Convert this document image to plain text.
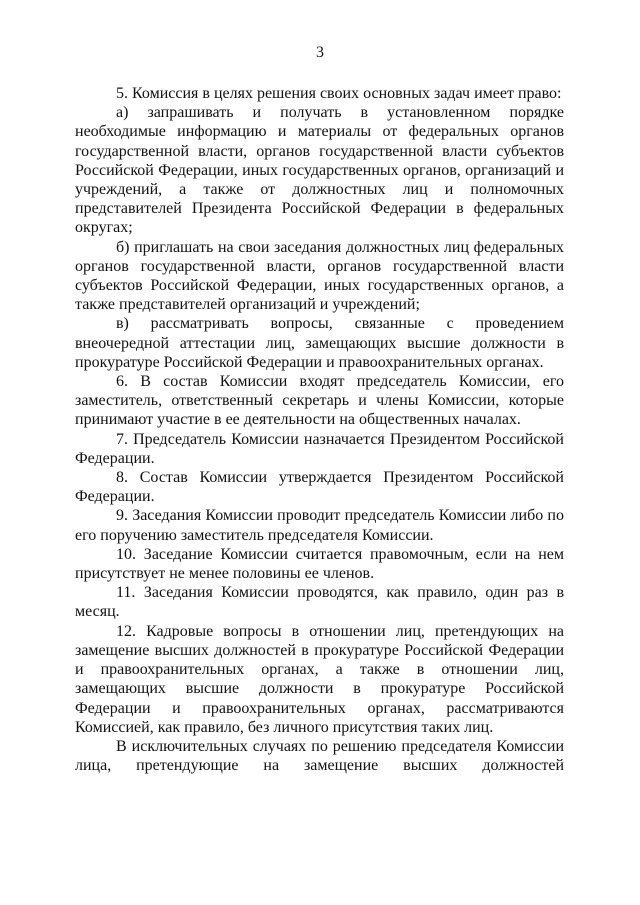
3

5. Комиссия в целях решения своих основных задач имеет право:

а) запрашивать и получать в установленном порядке необходимые информацию и материалы от федеральных органов государственной власти, органов государственной власти субъектов Российской Федерации, иных государственных органов, организаций и учреждений, а также от должностных лиц и полномочных представителей Президента Российской Федерации в федеральных округах;

б) приглашать на свои заседания должностных лиц федеральных органов государственной власти, органов государственной власти субъектов Российской Федерации, иных государственных органов, а также представителей организаций и учреждений;

в) рассматривать вопросы, связанные с проведением внеочередной аттестации лиц, замещающих высшие должности в прокуратуре Российской Федерации и правоохранительных органах.

6. В состав Комиссии входят председатель Комиссии, его заместитель, ответственный секретарь и члены Комиссии, которые принимают участие в ее деятельности на общественных началах.

7. Председатель Комиссии назначается Президентом Российской Федерации.

8. Состав Комиссии утверждается Президентом Российской Федерации.

9. Заседания Комиссии проводит председатель Комиссии либо по его поручению заместитель председателя Комиссии.

10. Заседание Комиссии считается правомочным, если на нем присутствует не менее половины ее членов.

11. Заседания Комиссии проводятся, как правило, один раз в месяц.

12. Кадровые вопросы в отношении лиц, претендующих на замещение высших должностей в прокуратуре Российской Федерации и правоохранительных органах, а также в отношении лиц, замещающих высшие должности в прокуратуре Российской Федерации и правоохранительных органах, рассматриваются Комиссией, как правило, без личного присутствия таких лиц.

В исключительных случаях по решению председателя Комиссии лица, претендующие на замещение высших должностей
